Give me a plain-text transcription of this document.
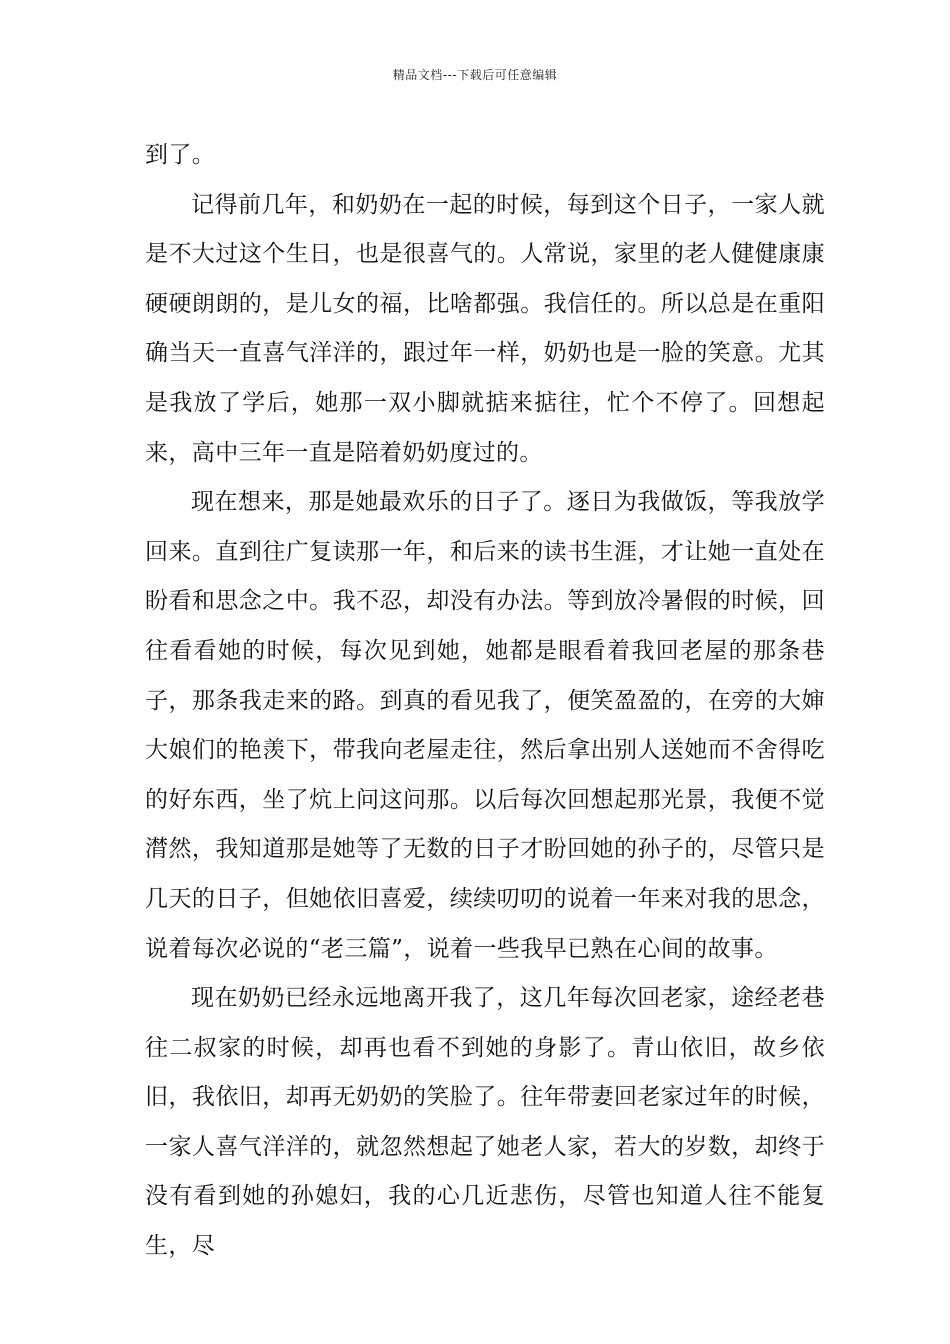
精品文档---下载后可任意编辑

到了。

记得前几年，和奶奶在一起的时候，每到这个日子，一家人就是不大过这个生日，也是很喜气的。人常说，家里的老人健健康康硬硬朗朗的，是儿女的福，比啥都强。我信任的。所以总是在重阳确当天一直喜气洋洋的，跟过年一样，奶奶也是一脸的笑意。尤其是我放了学后，她那一双小脚就掂来掂往，忙个不停了。回想起来，高中三年一直是陪着奶奶度过的。

现在想来，那是她最欢乐的日子了。逐日为我做饭，等我放学回来。直到往广复读那一年，和后来的读书生涯，才让她一直处在盼看和思念之中。我不忍，却没有办法。等到放冷暑假的时候，回往看看她的时候，每次见到她，她都是眼看着我回老屋的那条巷子，那条我走来的路。到真的看见我了，便笑盈盈的，在旁的大婶大娘们的艳羡下，带我向老屋走往，然后拿出别人送她而不舍得吃的好东西，坐了炕上问这问那。以后每次回想起那光景，我便不觉潸然，我知道那是她等了无数的日子才盼回她的孙子的，尽管只是几天的日子，但她依旧喜爱，续续叨叨的说着一年来对我的思念，说着每次必说的“老三篇”，说着一些我早已熟在心间的故事。

现在奶奶已经永远地离开我了，这几年每次回老家，途经老巷往二叔家的时候，却再也看不到她的身影了。青山依旧，故乡依旧，我依旧，却再无奶奶的笑脸了。往年带妻回老家过年的时候，一家人喜气洋洋的，就忽然想起了她老人家，若大的岁数，却终于没有看到她的孙媳妇，我的心几近悲伤，尽管也知道人往不能复生，尽
